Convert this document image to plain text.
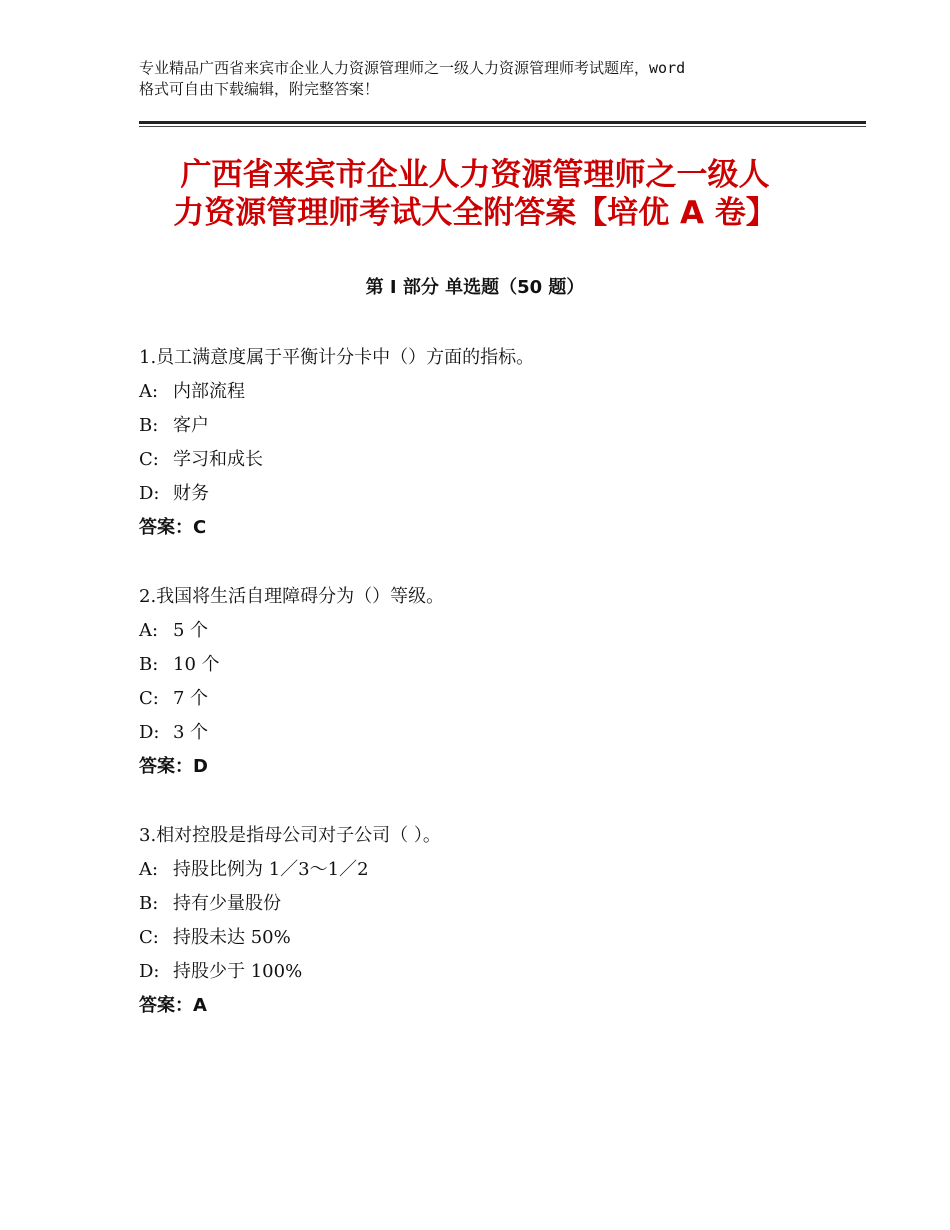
专业精品广西省来宾市企业人力资源管理师之一级人力资源管理师考试题库，word
格式可自由下载编辑，附完整答案！
广西省来宾市企业人力资源管理师之一级人
力资源管理师考试大全附答案【培优 A 卷】
第 I 部分 单选题（50 题）
1.员工满意度属于平衡计分卡中（）方面的指标。
A: 内部流程
B: 客户
C: 学习和成长
D: 财务
答案：C
2.我国将生活自理障碍分为（）等级。
A: 5 个
B: 10 个
C: 7 个
D: 3 个
答案：D
3.相对控股是指母公司对子公司（ ）。
A: 持股比例为 1／3～1／2
B: 持有少量股份
C: 持股未达 50%
D: 持股少于 100%
答案：A
